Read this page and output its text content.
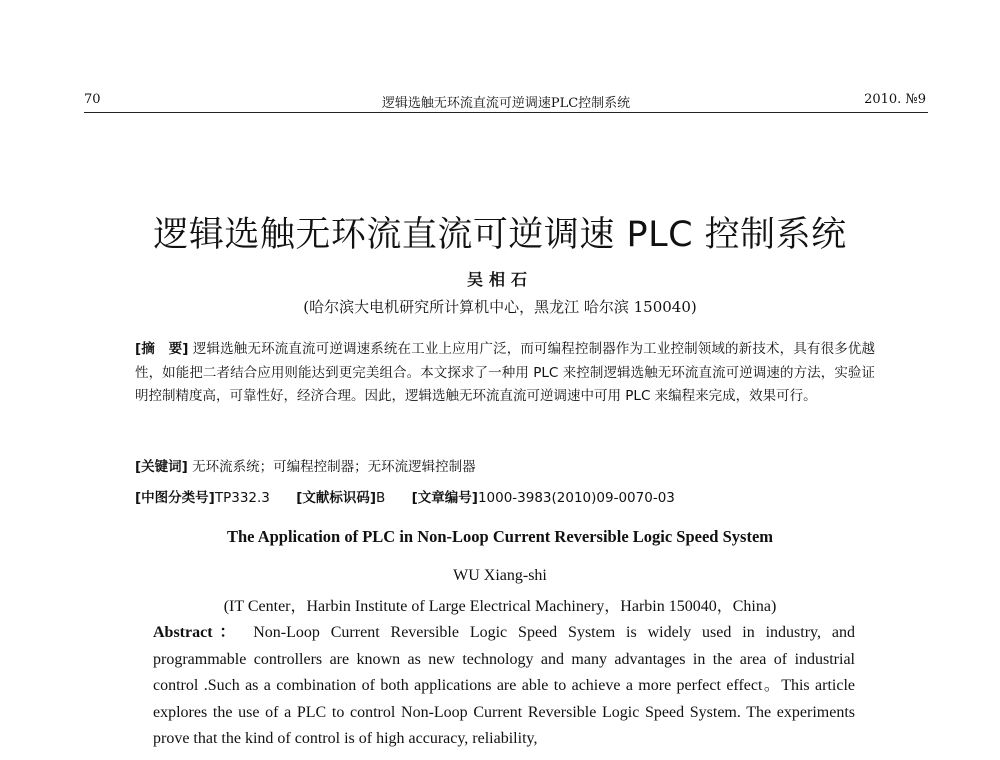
70	逻辑选触无环流直流可逆调速PLC控制系统	2010. №9
逻辑选触无环流直流可逆调速 PLC 控制系统
吴相石
(哈尔滨大电机研究所计算机中心，黑龙江 哈尔滨 150040)
[摘　要] 逻辑选触无环流直流可逆调速系统在工业上应用广泛，而可编程控制器作为工业控制领域的新技术，具有很多优越性，如能把二者结合应用则能达到更完美组合。本文探求了一种用 PLC 来控制逻辑选触无环流直流可逆调速的方法，实验证明控制精度高，可靠性好，经济合理。因此，逻辑选触无环流直流可逆调速中可用 PLC 来编程来完成，效果可行。
[关键词] 无环流系统；可编程控制器；无环流逻辑控制器
[中图分类号]TP332.3 [文献标识码]B [文章编号]1000-3983(2010)09-0070-03
The Application of PLC in Non-Loop Current Reversible Logic Speed System
WU Xiang-shi
(IT Center，Harbin Institute of Large Electrical Machinery，Harbin 150040，China)
Abstract： Non-Loop Current Reversible Logic Speed System is widely used in industry, and programmable controllers are known as new technology and many advantages in the area of industrial control .Such as a combination of both applications are able to achieve a more perfect effect。This article explores the use of a PLC to control Non-Loop Current Reversible Logic Speed System. The experiments prove that the kind of control is of high accuracy, reliability,
